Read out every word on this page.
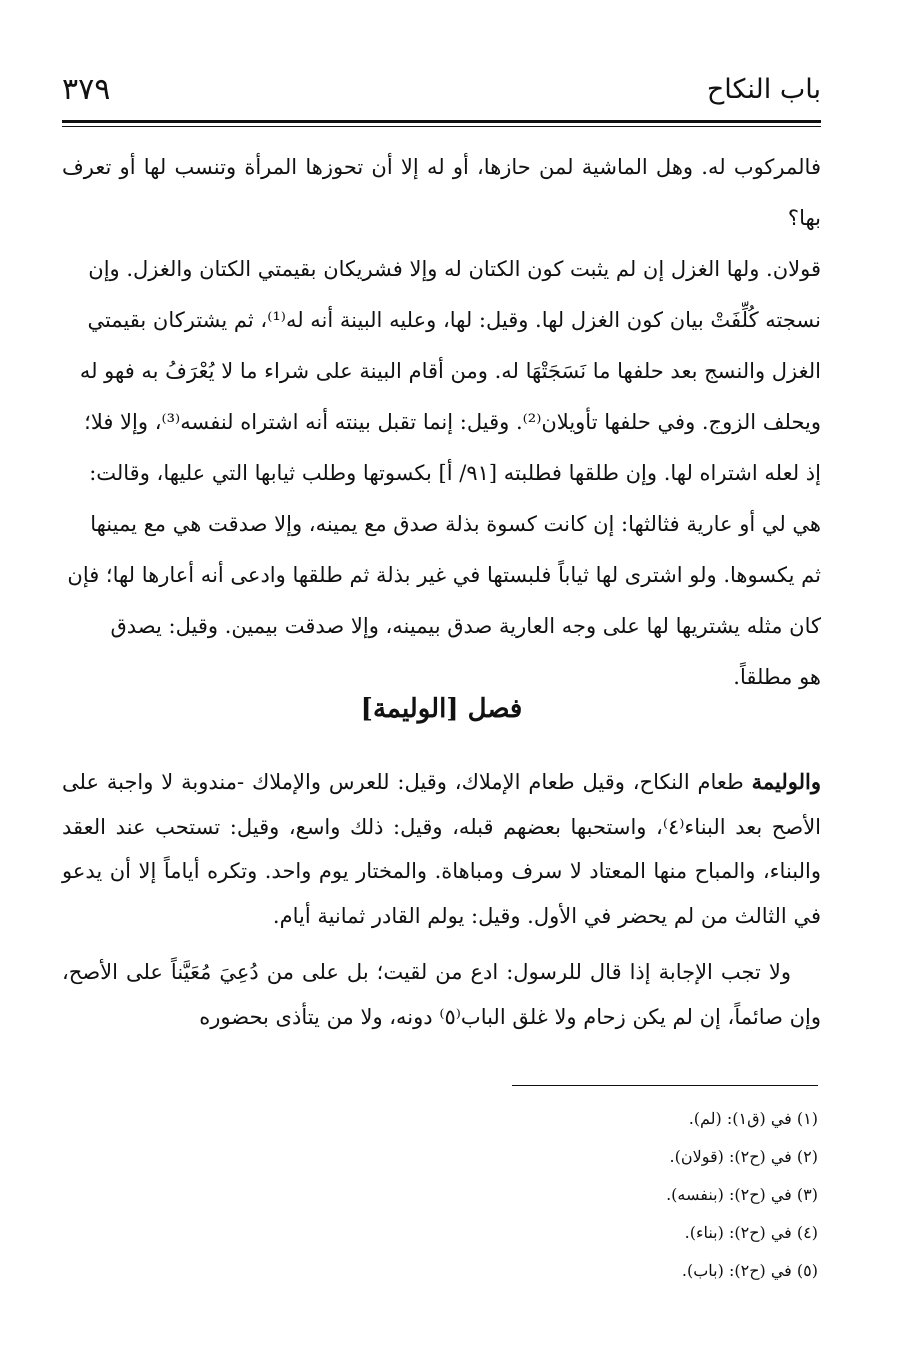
باب النكاح
٣٧٩

فالمركوب له. وهل الماشية لمن حازها، أو له إلا أن تحوزها المرأة وتنسب لها أو تعرف بها؟

قولان. ولها الغزل إن لم يثبت كون الكتان له وإلا فشريكان بقيمتي الكتان والغزل. وإن

نسجته كُلِّفَتْ بيان كون الغزل لها. وقيل: لها، وعليه البينة أنه له⁽¹⁾، ثم يشتركان بقيمتي

الغزل والنسج بعد حلفها ما نَسَجَتْهَا له. ومن أقام البينة على شراء ما لا يُعْرَفُ به فهو له

ويحلف الزوج. وفي حلفها تأويلان⁽²⁾. وقيل: إنما تقبل بينته أنه اشتراه لنفسه⁽³⁾، وإلا فلا؛

إذ لعله اشتراه لها. وإن طلقها فطلبته [٩١/ أ] بكسوتها وطلب ثيابها التي عليها، وقالت:

هي لي أو عارية فثالثها: إن كانت كسوة بذلة صدق مع يمينه، وإلا صدقت هي مع يمينها

ثم يكسوها. ولو اشترى لها ثياباً فلبستها في غير بذلة ثم طلقها وادعى أنه أعارها لها؛ فإن

كان مثله يشتريها لها على وجه العارية صدق بيمينه، وإلا صدقت بيمين. وقيل: يصدق

هو مطلقاً.

فصل [الوليمة]

والوليمة طعام النكاح، وقيل طعام الإملاك، وقيل: للعرس والإملاك -مندوبة لا واجبة على الأصح بعد البناء⁽٤⁾، واستحبها بعضهم قبله، وقيل: ذلك واسع، وقيل: تستحب عند العقد والبناء، والمباح منها المعتاد لا سرف ومباهاة. والمختار يوم واحد. وتكره أياماً إلا أن يدعو في الثالث من لم يحضر في الأول. وقيل: يولم القادر ثمانية أيام.

ولا تجب الإجابة إذا قال للرسول: ادع من لقيت؛ بل على من دُعِيَ مُعَيَّناً على الأصح، وإن صائماً، إن لم يكن زحام ولا غلق الباب⁽٥⁾ دونه، ولا من يتأذى بحضوره

(١) في (ق١): (لم).
(٢) في (ح٢): (قولان).
(٣) في (ح٢): (بنفسه).
(٤) في (ح٢): (بناء).
(٥) في (ح٢): (باب).
